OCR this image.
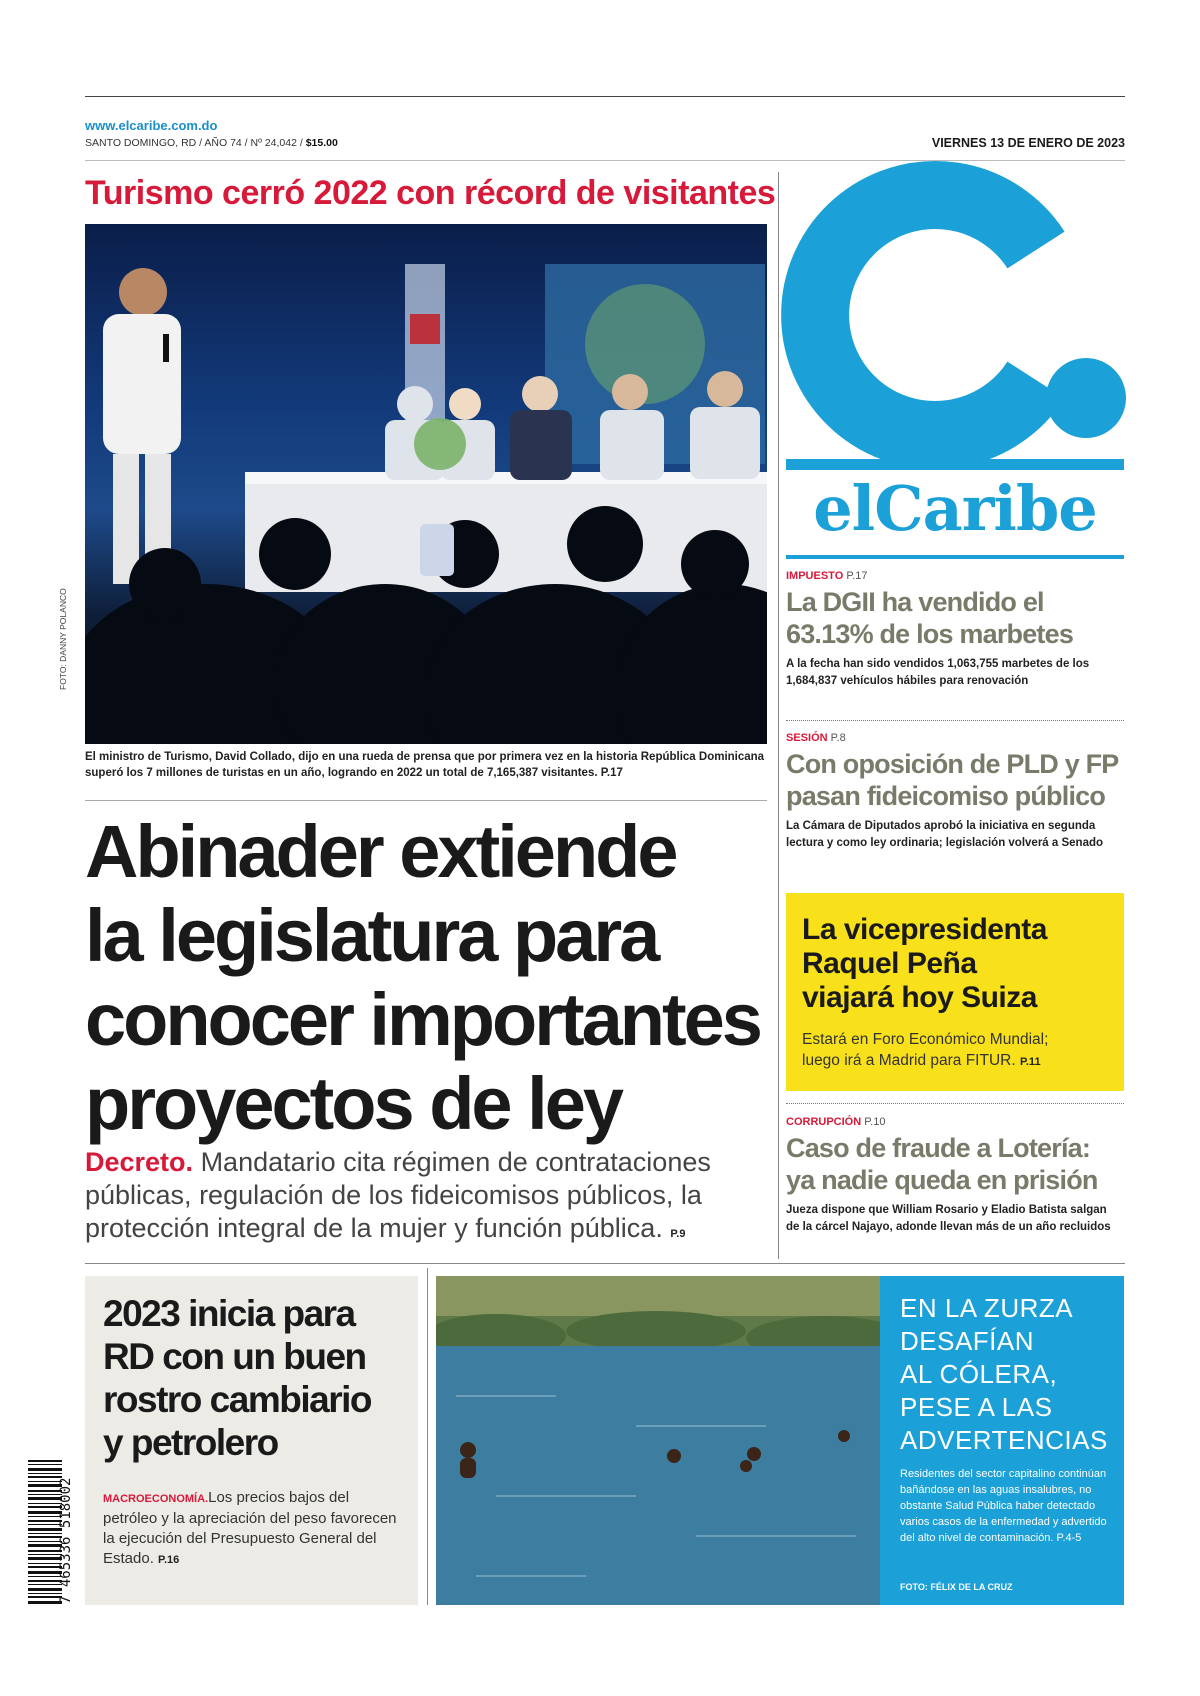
www.elcaribe.com.do
SANTO DOMINGO, RD / AÑO 74 / Nº 24,042 / $15.00	VIERNES 13 DE ENERO DE 2023
Turismo cerró 2022 con récord de visitantes
FOTO: DANNY POLANCO
El ministro de Turismo, David Collado, dijo en una rueda de prensa que por primera vez en la historia República Dominicana superó los 7 millones de turistas en un año, logrando en 2022 un total de 7,165,387 visitantes. P.17
Abinader extiende
la legislatura para
conocer importantes
proyectos de ley
Decreto. Mandatario cita régimen de contrataciones públicas, regulación de los fideicomisos públicos, la protección integral de la mujer y función pública. P.9
elCaribe
IMPUESTO P.17
La DGII ha vendido el
63.13% de los marbetes
A la fecha han sido vendidos 1,063,755 marbetes de los
1,684,837 vehículos hábiles para renovación
SESIÓN P.8
Con oposición de PLD y FP
pasan fideicomiso público
La Cámara de Diputados aprobó la iniciativa en segunda
lectura y como ley ordinaria; legislación volverá a Senado
La vicepresidenta
Raquel Peña
viajará hoy Suiza
Estará en Foro Económico Mundial;
luego irá a Madrid para FITUR. P.11
CORRUPCIÓN P.10
Caso de fraude a Lotería:
ya nadie queda en prisión
Jueza dispone que William Rosario y Eladio Batista salgan
de la cárcel Najayo, adonde llevan más de un año recluidos
2023 inicia para
RD con un buen
rostro cambiario
y petrolero
MACROECONOMÍA.Los precios bajos del petróleo y la apreciación del peso favorecen la ejecución del Presupuesto General del Estado. P.16
EN LA ZURZA
DESAFÍAN
AL CÓLERA,
PESE A LAS
ADVERTENCIAS
Residentes del sector capitalino continúan bañándose en las aguas insalubres, no obstante Salud Pública haber detectado varios casos de la enfermedad y advertido del alto nivel de contaminación. P.4-5
FOTO: FÉLIX DE LA CRUZ
7 465336 518002
